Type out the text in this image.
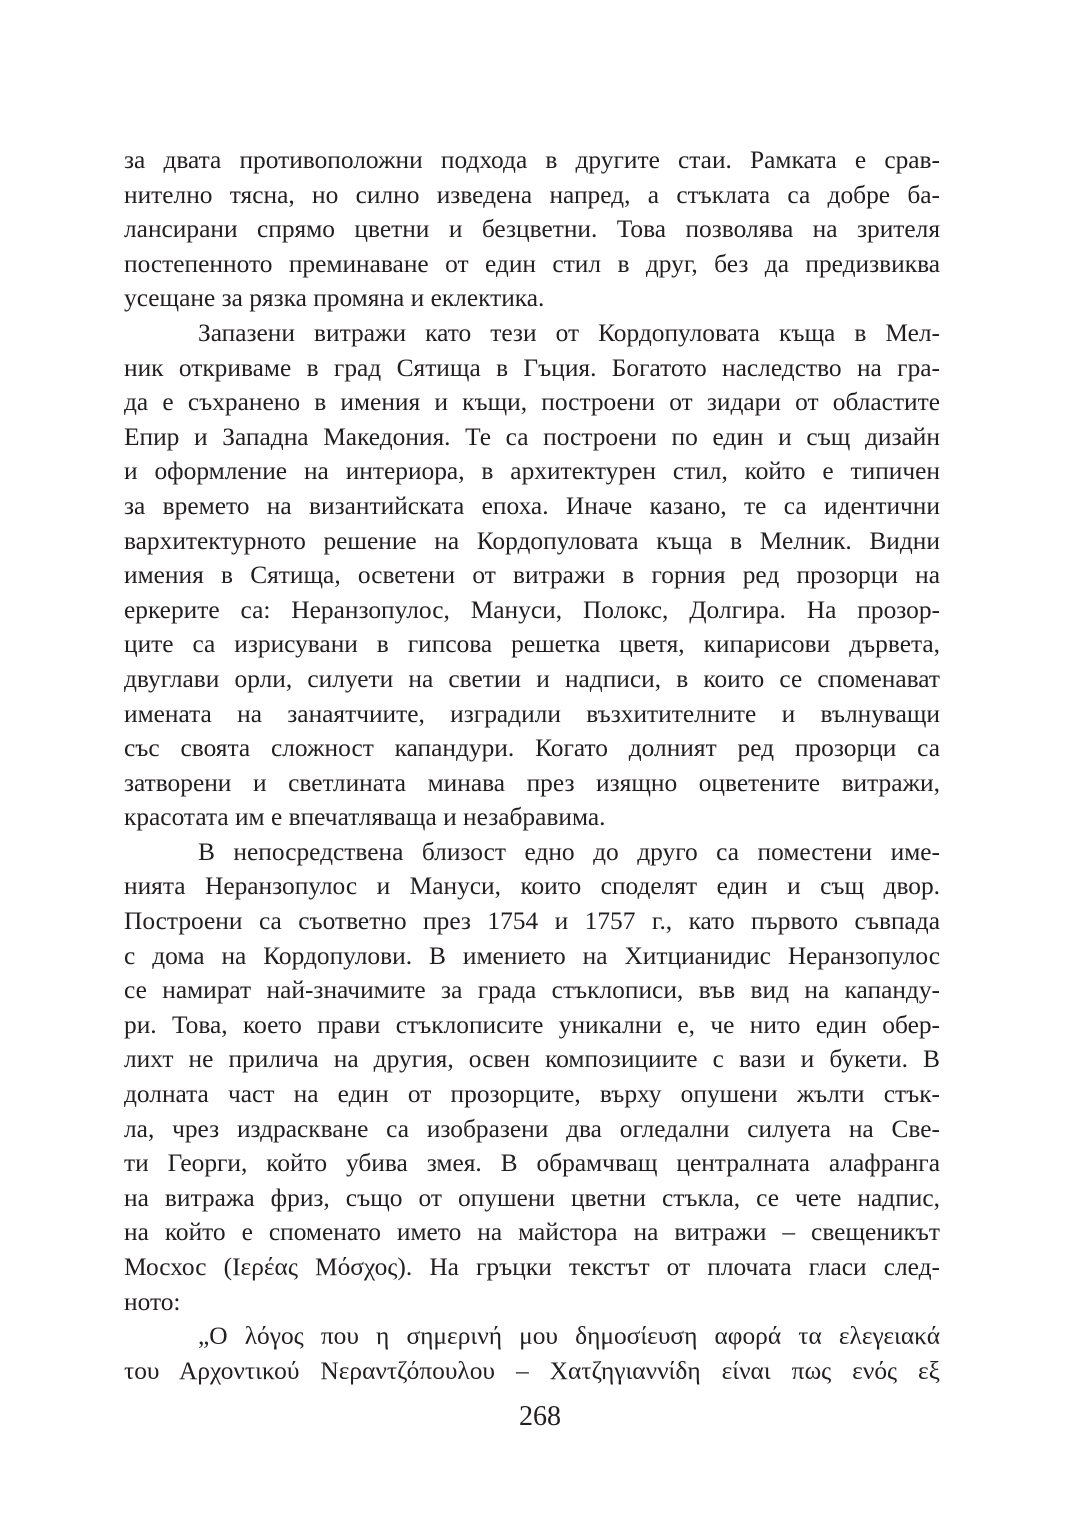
за двата противоположни подхода в другите стаи. Рамката е срав-
нително тясна, но силно изведена напред, а стъклата са добре ба-
лансирани спрямо цветни и безцветни. Това позволява на зрителя
постепенното преминаване от един стил в друг, без да предизвиква
усещане за рязка промяна и еклектика.
Запазени витражи като тези от Кордопуловата къща в Мел-
ник откриваме в град Сятища в Гъция. Богатото наследство на гра-
да е съхранено в имения и къщи, построени от зидари от областите
Епир и Западна Македония. Те са построени по един и същ дизайн
и оформление на интериора, в архитектурен стил, който е типичен
за времето на византийската епоха. Иначе казано, те са идентични
вархитектурното решение на Кордопуловата къща в Мелник. Видни
имения в Сятища, осветени от витражи в горния ред прозорци на
еркерите са: Неранзопулос, Мануси, Полокс, Долгира. На прозор-
ците са изрисувани в гипсова решетка цветя, кипарисови дървета,
двуглави орли, силуети на светии и надписи, в които се споменават
имената на занаятчиите, изградили възхитителните и вълнуващи
със своята сложност капандури. Когато долният ред прозорци са
затворени и светлината минава през изящно оцветените витражи,
красотата им е впечатляваща и незабравима.
В непосредствена близост едно до друго са поместени име-
нията Неранзопулос и Мануси, които споделят един и същ двор.
Построени са съответно през 1754 и 1757 г., като първото съвпада
с дома на Кордопулови. В имението на Хитцианидис Неранзопулос
се намират най-значимите за града стъклописи, във вид на капанду-
ри. Това, което прави стъклописите уникални е, че нито един обер-
лихт не прилича на другия, освен композициите с вази и букети. В
долната част на един от прозорците, върху опушени жълти стък-
ла, чрез издраскване са изобразени два огледални силуета на Све-
ти Георги, който убива змея. В обрамчващ централната алафранга
на витража фриз, също от опушени цветни стъкла, се чете надпис,
на който е споменато името на майстора на витражи – свещеникът
Мосхос (Ιερέας Μόσχος). На гръцки текстът от плочата гласи след-
ното:
„Ο λόγος που η σημερινή μου δημοσίευση αφορά τα ελεγειακά
του Αρχοντικού Νεραντζόπουλου – Χατζηγιαννίδη είναι πως ενός εξ
268
